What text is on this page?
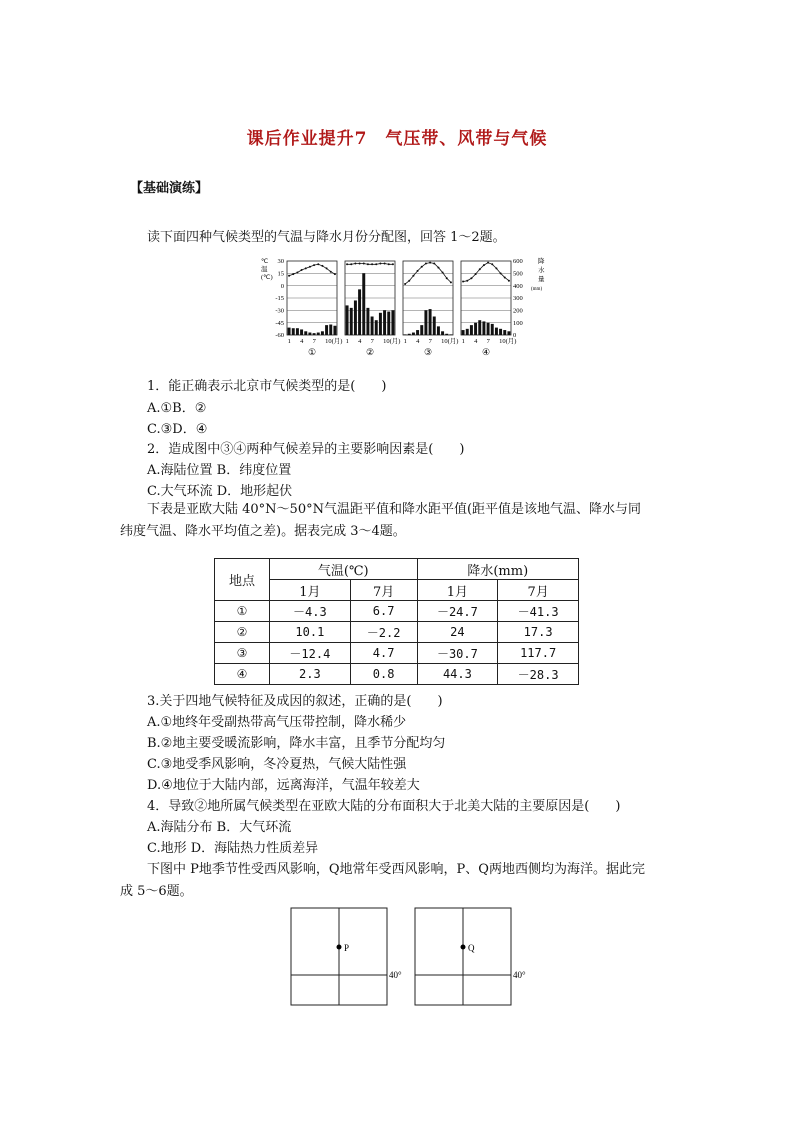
课后作业提升7　气压带、风带与气候
【基础演练】
读下面四种气候类型的气温与降水月份分配图，回答 1～2题。
℃
温
(℃)
30
15
0
-15
-30
-45
-60
600
500
400
300
200
100
0
降
水
量
(mm)
1 4 7 10(月)
①
1 4 7 10(月)
②
1 4 7 10(月)
③
1 4 7 10(月)
④
1．能正确表示北京市气候类型的是(　　)
A.①B．②
C.③D．④
2．造成图中③④两种气候差异的主要影响因素是(　　)
A.海陆位置 B．纬度位置
C.大气环流 D．地形起伏
下表是亚欧大陆 40°N～50°N气温距平值和降水距平值(距平值是该地气温、降水与同
纬度气温、降水平均值之差)。据表完成 3～4题。
地点	气温(℃)		降水(mm)	
	1月	7月	1月	7月
①	－4.3	6.7	－24.7	－41.3
②	10.1	－2.2	24	17.3
③	－12.4	4.7	－30.7	117.7
④	2.3	0.8	44.3	－28.3
3.关于四地气候特征及成因的叙述，正确的是(　　)
A.①地终年受副热带高气压带控制，降水稀少
B.②地主要受暖流影响，降水丰富，且季节分配均匀
C.③地受季风影响，冬冷夏热，气候大陆性强
D.④地位于大陆内部，远离海洋，气温年较差大
4．导致②地所属气候类型在亚欧大陆的分布面积大于北美大陆的主要原因是(　　)
A.海陆分布 B．大气环流
C.地形 D．海陆热力性质差异
下图中 P地季节性受西风影响，Q地常年受西风影响，P、Q两地西侧均为海洋。据此完
成 5～6题。
P
40°
Q
40°
